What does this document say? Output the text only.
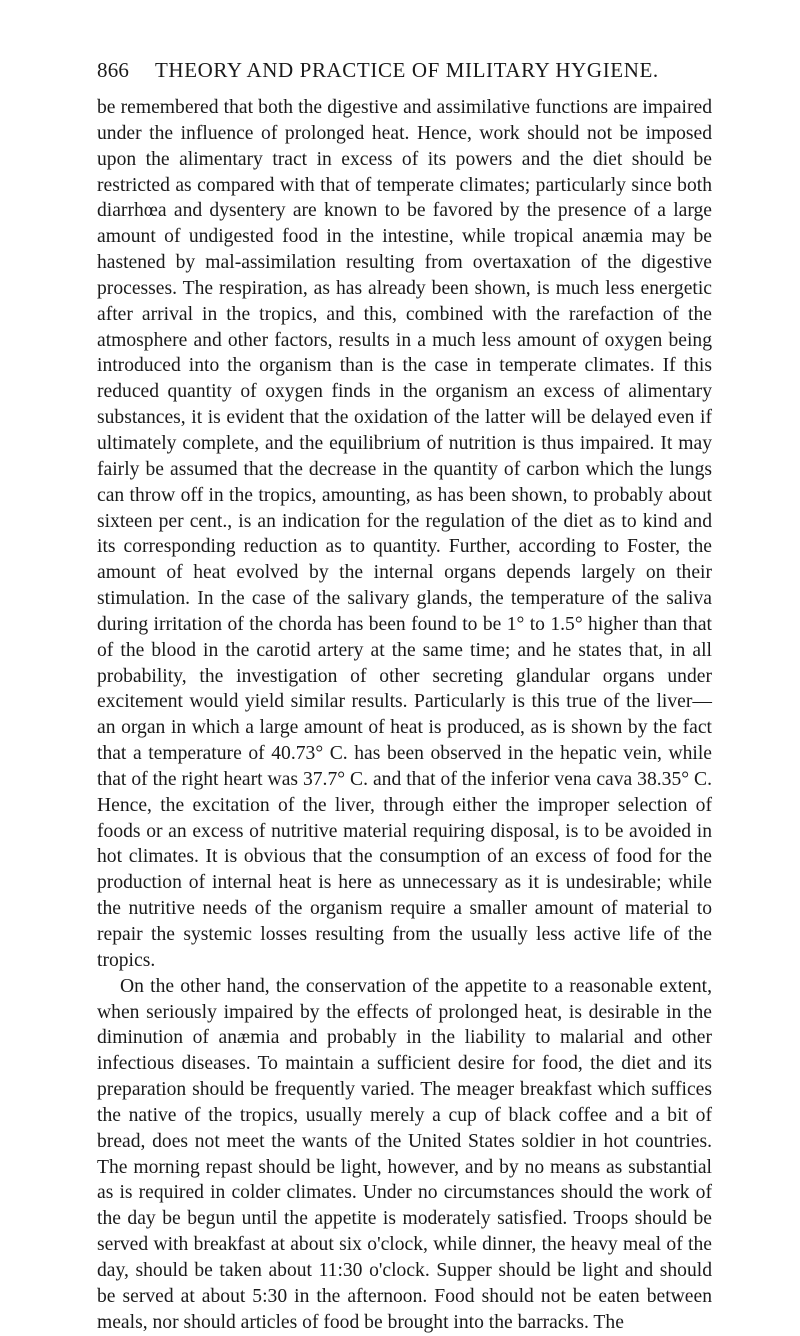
866 THEORY AND PRACTICE OF MILITARY HYGIENE.

be remembered that both the digestive and assimilative functions are impaired under the influence of prolonged heat. Hence, work should not be imposed upon the alimentary tract in excess of its powers and the diet should be restricted as compared with that of temperate climates; particularly since both diarrhœa and dysentery are known to be favored by the presence of a large amount of undigested food in the intestine, while tropical anæmia may be hastened by mal-assimilation resulting from overtaxation of the digestive processes. The respiration, as has already been shown, is much less energetic after arrival in the tropics, and this, combined with the rarefaction of the atmosphere and other factors, results in a much less amount of oxygen being introduced into the organism than is the case in temperate climates. If this reduced quantity of oxygen finds in the organism an excess of alimentary substances, it is evident that the oxidation of the latter will be delayed even if ultimately complete, and the equilibrium of nutrition is thus impaired. It may fairly be assumed that the decrease in the quantity of carbon which the lungs can throw off in the tropics, amounting, as has been shown, to probably about sixteen per cent., is an indication for the regulation of the diet as to kind and its corresponding reduction as to quantity. Further, according to Foster, the amount of heat evolved by the internal organs depends largely on their stimulation. In the case of the salivary glands, the temperature of the saliva during irritation of the chorda has been found to be 1° to 1.5° higher than that of the blood in the carotid artery at the same time; and he states that, in all probability, the investigation of other secreting glandular organs under excitement would yield similar results. Particularly is this true of the liver—an organ in which a large amount of heat is produced, as is shown by the fact that a temperature of 40.73° C. has been observed in the hepatic vein, while that of the right heart was 37.7° C. and that of the inferior vena cava 38.35° C. Hence, the excitation of the liver, through either the improper selection of foods or an excess of nutritive material requiring disposal, is to be avoided in hot climates. It is obvious that the consumption of an excess of food for the production of internal heat is here as unnecessary as it is undesirable; while the nutritive needs of the organism require a smaller amount of material to repair the systemic losses resulting from the usually less active life of the tropics.

On the other hand, the conservation of the appetite to a reasonable extent, when seriously impaired by the effects of prolonged heat, is desirable in the diminution of anæmia and probably in the liability to malarial and other infectious diseases. To maintain a sufficient desire for food, the diet and its preparation should be frequently varied. The meager breakfast which suffices the native of the tropics, usually merely a cup of black coffee and a bit of bread, does not meet the wants of the United States soldier in hot countries. The morning repast should be light, however, and by no means as substantial as is required in colder climates. Under no circumstances should the work of the day be begun until the appetite is moderately satisfied. Troops should be served with breakfast at about six o'clock, while dinner, the heavy meal of the day, should be taken about 11:30 o'clock. Supper should be light and should be served at about 5:30 in the afternoon. Food should not be eaten between meals, nor should articles of food be brought into the barracks. The
